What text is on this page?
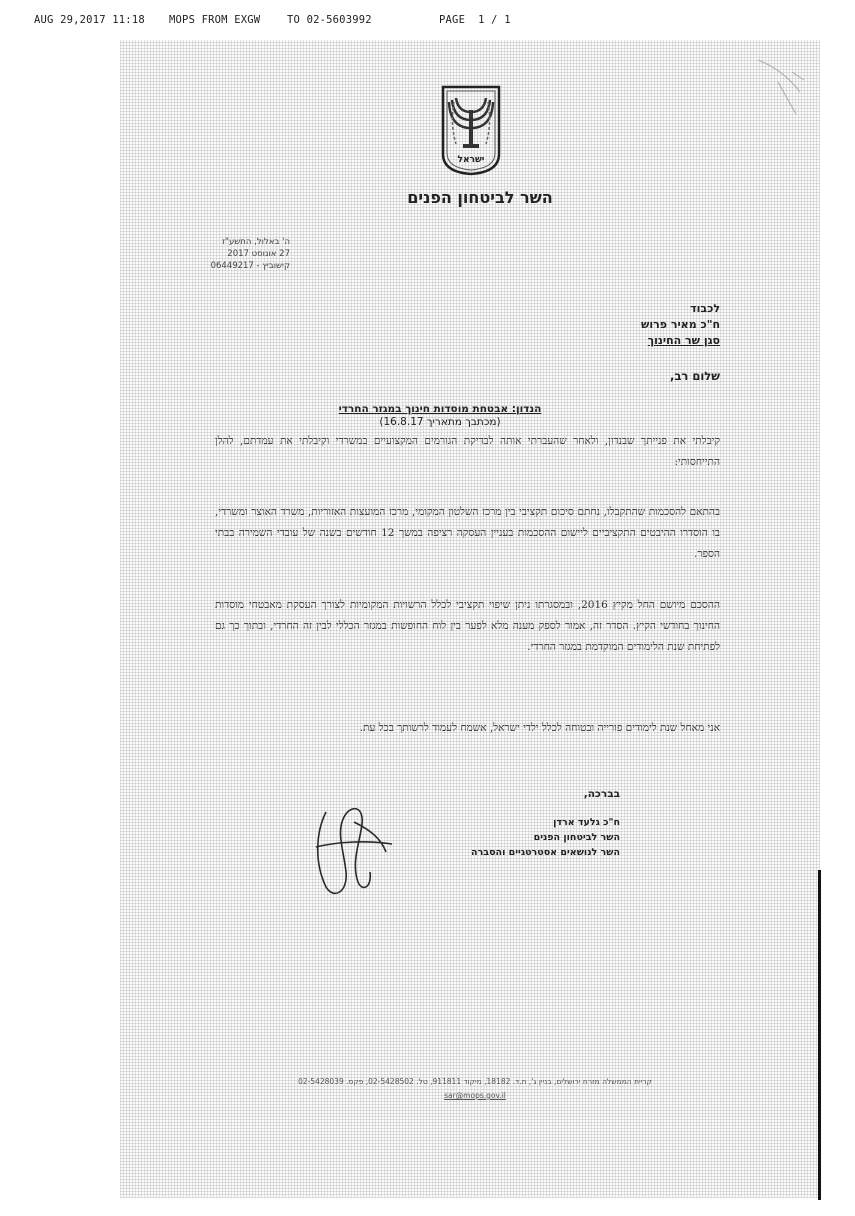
AUG 29,2017 11:18 MOPS FROM EXGW	TO 02-5603992	PAGE  1 / 1
ישראל
השר לביטחון הפנים
ה' באלול, התשע"ז
27 אוגוסט 2017
קישוביץ - 06449217
לכבוד
ח"כ מאיר פרוש
סגן שר החינוך
שלום רב,
הנדון: אבטחת מוסדות חינוך במגזר החרדי
(מכתבך מתאריך 16.8.17)
קיבלתי את פנייתך שבנדון, ולאחר שהעברתי אותה לבדיקת הגורמים המקצועיים במשרדי וקיבלתי את עמדתם, להלן התייחסותי:
בהתאם להסכמות שהתקבלו, נחתם סיכום תקציבי בין מרכז השלטון המקומי, מרכז המועצות האזוריות, משרד האוצר ומשרדי, בו הוסדרו ההיבטים התקציביים ליישום ההסכמות בעניין העסקה רציפה במשך 12 חודשים בשנה של עובדי השמירה בבתי הספר.
ההסכם מיושם החל מקיץ 2016, ובמסגרתו ניתן שיפוי תקציבי לכלל הרשויות המקומיות לצורך העסקת מאבטחי מוסדות החינוך בחודשי הקיץ. הסדר זה, אמור לספק מענה מלא לפער בין לוח החופשות במגזר הכללי לבין זה החרדי, ובתוך כך גם לפתיחת שנת הלימודים המוקדמת במגזר החרדי.
אני מאחל שנת לימודים פורייה ובטוחה לכלל ילדי ישראל, אשמח לעמוד לרשותך בכל עת.
בברכה,
ח"כ גלעד ארדן
השר לביטחון הפנים
השר לנושאים אסטרטגיים והסברה
קריית הממשלה מזרח ירושלים, בניין ג', ת.ד. 18182, מיקוד 911811, טל. 02-5428502, פקס. 02-5428039
sar@mops.gov.il
